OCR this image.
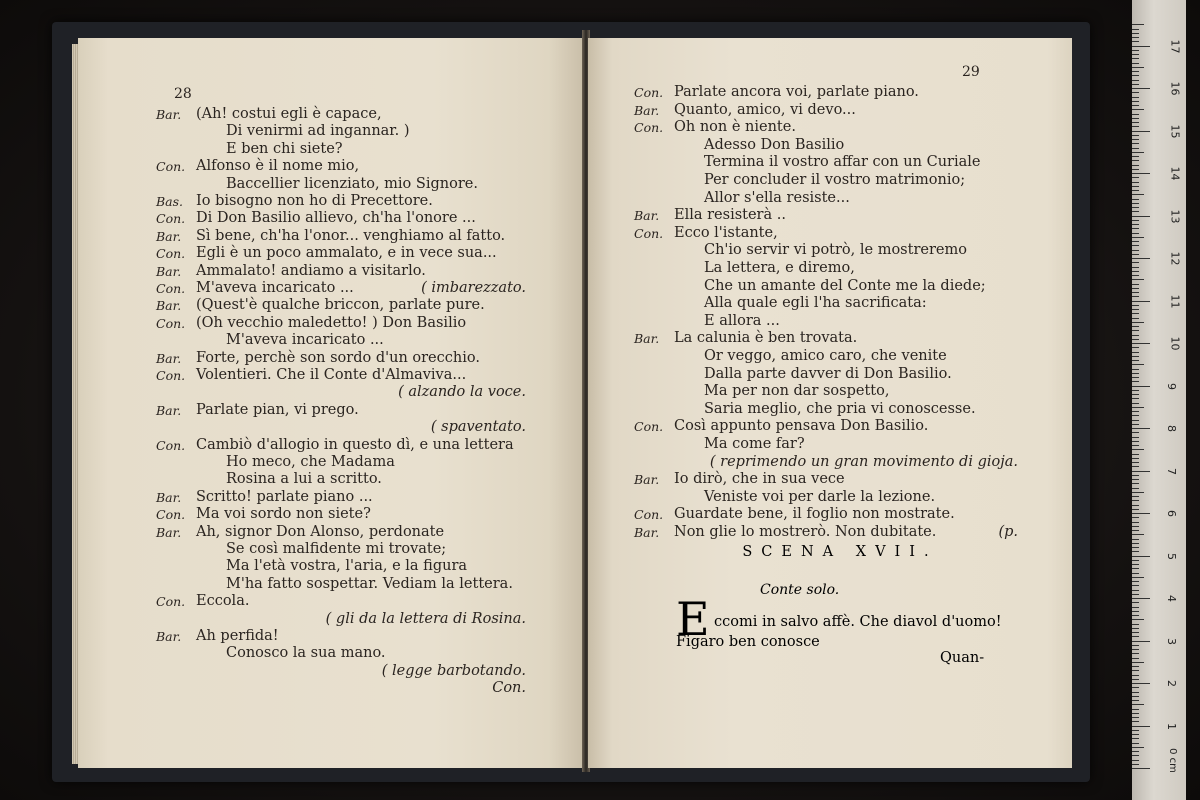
28
Bar.	(Ah! costui egli è capace,
Di venirmi ad ingannar. )
E ben chi siete?
Con. Alfonso è il nome mio,
Baccellier licenziato, mio Signore.
Bas. Io bisogno non ho di Precettore.
Con. Di Don Basilio allievo, ch'ha l'onore ...
Bar.	Sì bene, ch'ha l'onor... venghiamo al fatto.
Con. Egli è un poco ammalato, e in vece sua...
Bar.	Ammalato! andiamo a visitarlo.
Con. M'aveva incaricato ...	( imbarezzato.
Bar.	(Quest'è qualche briccon, parlate pure.
Con. (Oh vecchio maledetto! ) Don Basilio
M'aveva incaricato ...
Bar.	Forte, perchè son sordo d'un orecchio.
Con. Volentieri. Che il Conte d'Almaviva...
( alzando la voce.
Bar.	Parlate pian, vi prego.
( spaventato.
Con. Cambiò d'allogio in questo dì, e una lettera
Ho meco, che Madama
Rosina a lui a scritto.
Bar.	Scritto! parlate piano ...
Con. Ma voi sordo non siete?
Bar.	Ah, signor Don Alonso, perdonate
Se così malfidente mi trovate;
Ma l'età vostra, l'aria, e la figura
M'ha fatto sospettar. Vediam la lettera.
Con. Eccola.
( gli da la lettera di Rosina.
Bar.	Ah perfida!
Conosco la sua mano.
( legge barbotando.
Con.
29
Con. Parlate ancora voi, parlate piano.
Bar.	Quanto, amico, vi devo...
Con. Oh non è niente.
Adesso Don Basilio
Termina il vostro affar con un Curiale
Per concluder il vostro matrimonio;
Allor s'ella resiste...
Bar.	Ella resisterà ..
Con. Ecco l'istante,
Ch'io servir vi potrò, le mostreremo
La lettera, e diremo,
Che un amante del Conte me la diede;
Alla quale egli l'ha sacrificata:
E allora ...
Bar.	La calunia è ben trovata.
Or veggo, amico caro, che venite
Dalla parte davver di Don Basilio.
Ma per non dar sospetto,
Saria meglio, che pria vi conoscesse.
Con. Così appunto pensava Don Basilio.
Ma come far?
( reprimendo un gran movimento di gioja.
Bar.	Io dirò, che in sua vece
Veniste voi per darle la lezione.
Con. Guardate bene, il foglio non mostrate.
Bar.	Non glie lo mostrerò. Non dubitate.	(p.
SCENA XVII.
Conte solo.
E ccomi in salvo affè. Che diavol d'uomo!
Figaro ben conosce
Quan-
1
2
3
4
5
6
7
8
9
10
11
12
13
14
15
16
17
0 cm
